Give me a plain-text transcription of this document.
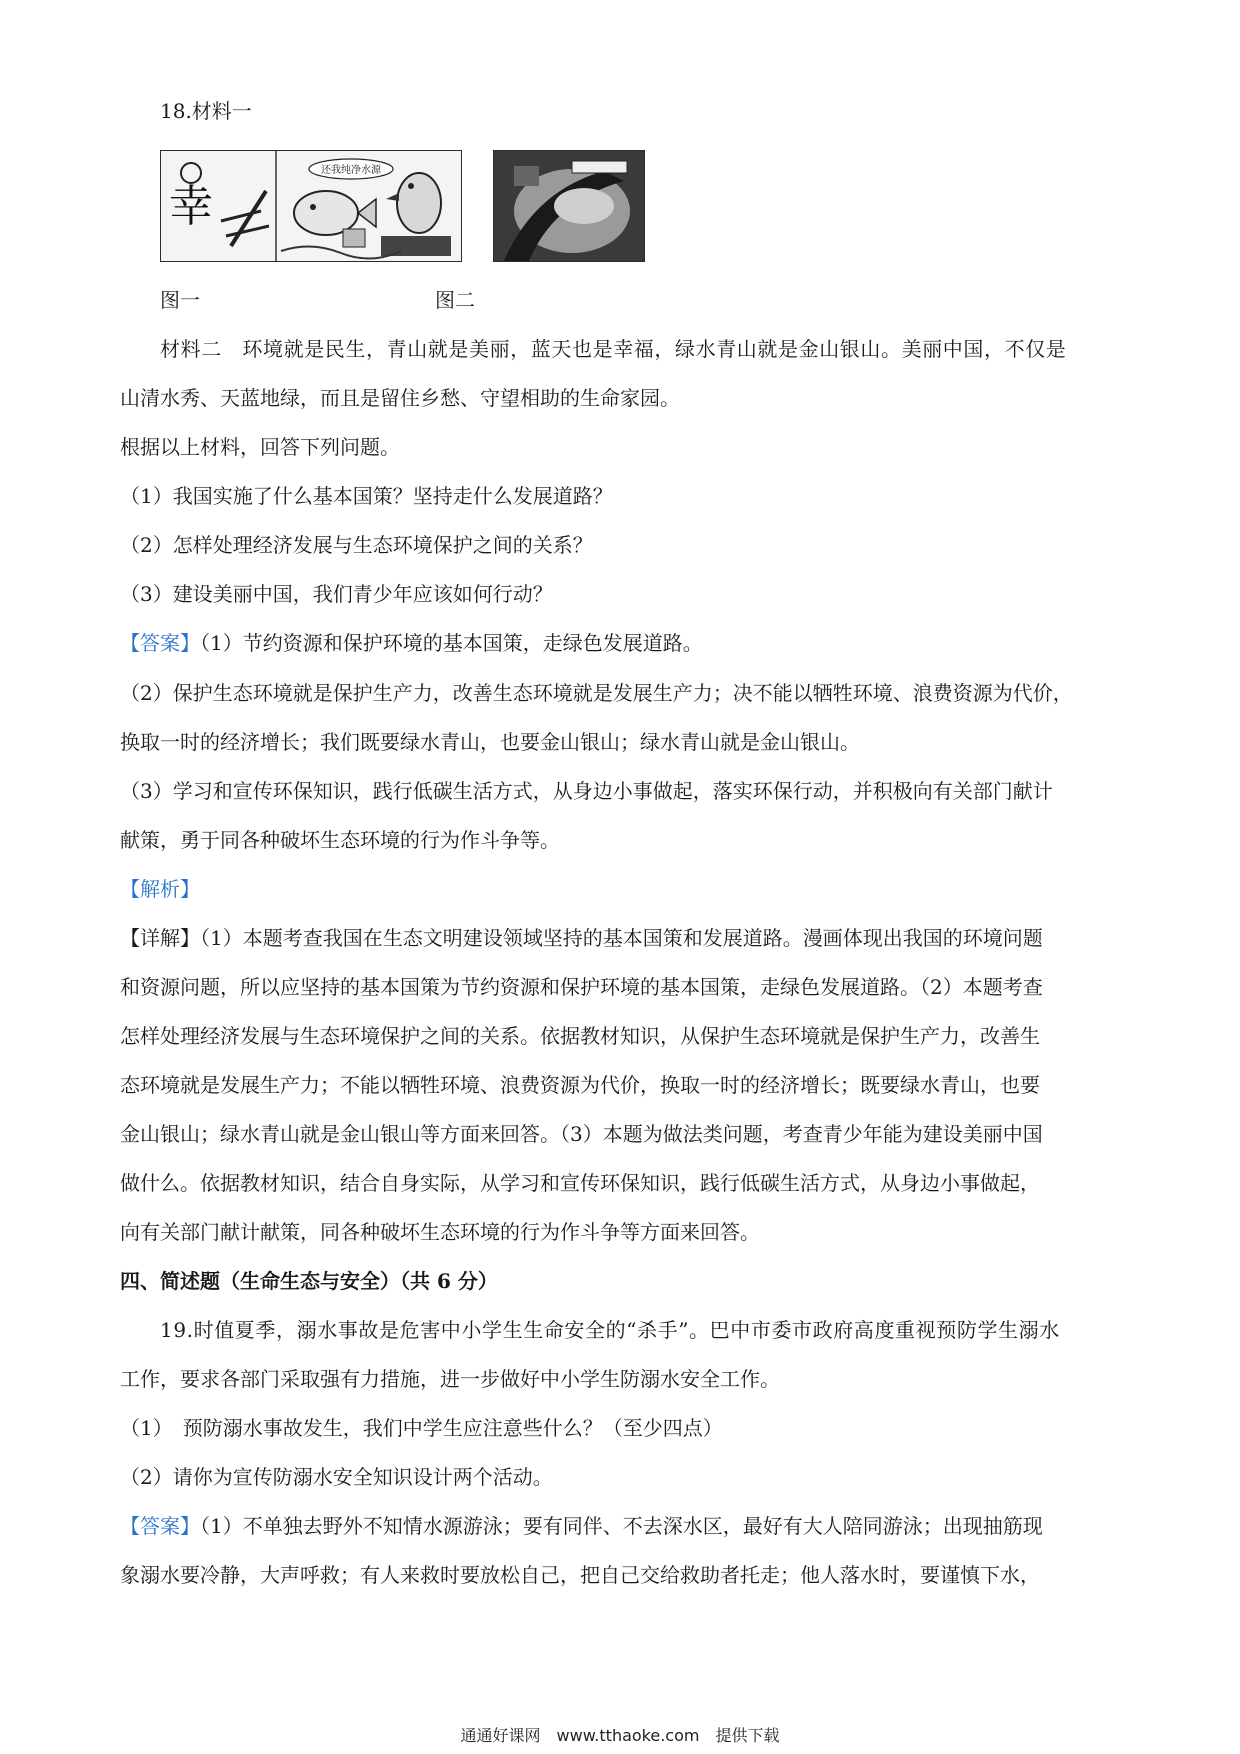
18.材料一
幸
还我纯净水源
图一	图二
材料二　环境就是民生，青山就是美丽，蓝天也是幸福，绿水青山就是金山银山。美丽中国，不仅是
山清水秀、天蓝地绿，而且是留住乡愁、守望相助的生命家园。
根据以上材料，回答下列问题。
（1）我国实施了什么基本国策？坚持走什么发展道路？
（2）怎样处理经济发展与生态环境保护之间的关系？
（3）建设美丽中国，我们青少年应该如何行动？
【答案】（1）节约资源和保护环境的基本国策，走绿色发展道路。
（2）保护生态环境就是保护生产力，改善生态环境就是发展生产力；决不能以牺牲环境、浪费资源为代价，
换取一时的经济增长；我们既要绿水青山，也要金山银山；绿水青山就是金山银山。
（3）学习和宣传环保知识，践行低碳生活方式，从身边小事做起，落实环保行动，并积极向有关部门献计
献策，勇于同各种破坏生态环境的行为作斗争等。
【解析】
【详解】（1）本题考查我国在生态文明建设领域坚持的基本国策和发展道路。漫画体现出我国的环境问题
和资源问题，所以应坚持的基本国策为节约资源和保护环境的基本国策，走绿色发展道路。（2）本题考查
怎样处理经济发展与生态环境保护之间的关系。依据教材知识，从保护生态环境就是保护生产力，改善生
态环境就是发展生产力；不能以牺牲环境、浪费资源为代价，换取一时的经济增长；既要绿水青山，也要
金山银山；绿水青山就是金山银山等方面来回答。（3）本题为做法类问题，考查青少年能为建设美丽中国
做什么。依据教材知识，结合自身实际，从学习和宣传环保知识，践行低碳生活方式，从身边小事做起，
向有关部门献计献策，同各种破坏生态环境的行为作斗争等方面来回答。
四、简述题（生命生态与安全）（共 6 分）
19.时值夏季，溺水事故是危害中小学生生命安全的“杀手”。巴中市委市政府高度重视预防学生溺水
工作，要求各部门采取强有力措施，进一步做好中小学生防溺水安全工作。
（1）　预防溺水事故发生，我们中学生应注意些什么？（至少四点）
（2）请你为宣传防溺水安全知识设计两个活动。
【答案】（1）不单独去野外不知情水源游泳；要有同伴、不去深水区，最好有大人陪同游泳；出现抽筋现
象溺水要冷静，大声呼救；有人来救时要放松自己，把自己交给救助者托走；他人落水时，要谨慎下水，
通通好课网　www.tthaoke.com　提供下载
